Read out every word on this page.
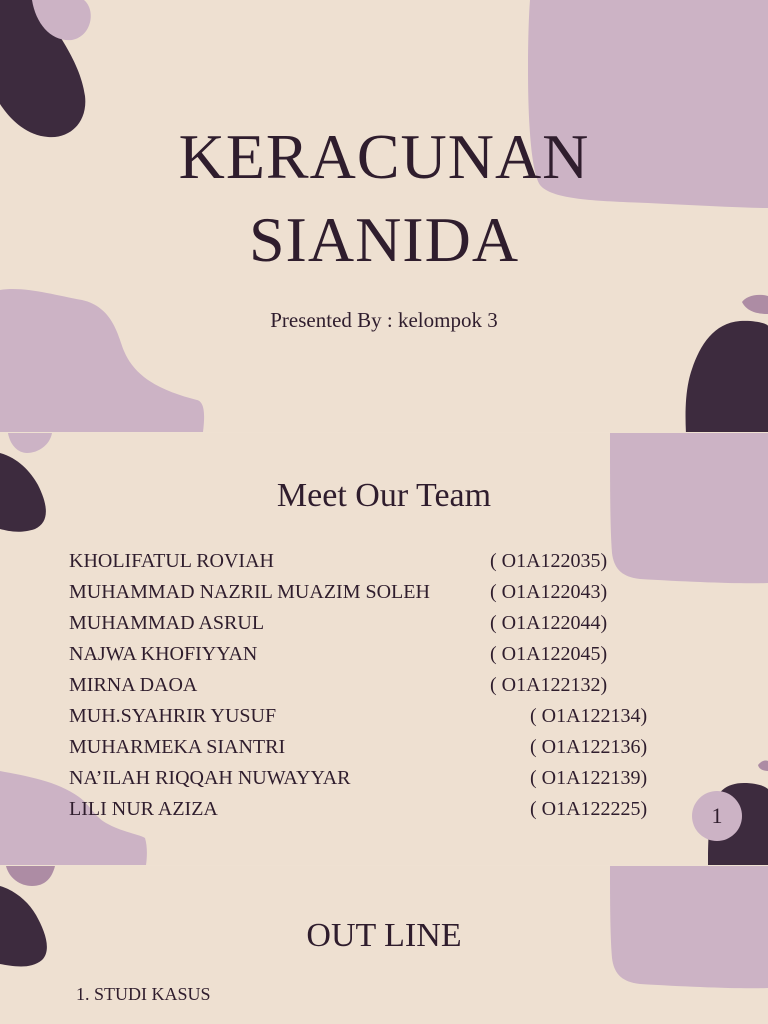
KERACUNAN
SIANIDA
Presented By : kelompok 3
Meet Our Team
KHOLIFATUL ROVIAH	( O1A122035)
MUHAMMAD NAZRIL MUAZIM SOLEH	( O1A122043)
MUHAMMAD ASRUL	( O1A122044)
NAJWA KHOFIYYAN	( O1A122045)
MIRNA DAOA	( O1A122132)
MUH.SYAHRIR YUSUF	( O1A122134)
MUHARMEKA SIANTRI	( O1A122136)
NA’ILAH RIQQAH NUWAYYAR	( O1A122139)
LILI NUR AZIZA	( O1A122225)	1
OUT LINE
1. STUDI KASUS
